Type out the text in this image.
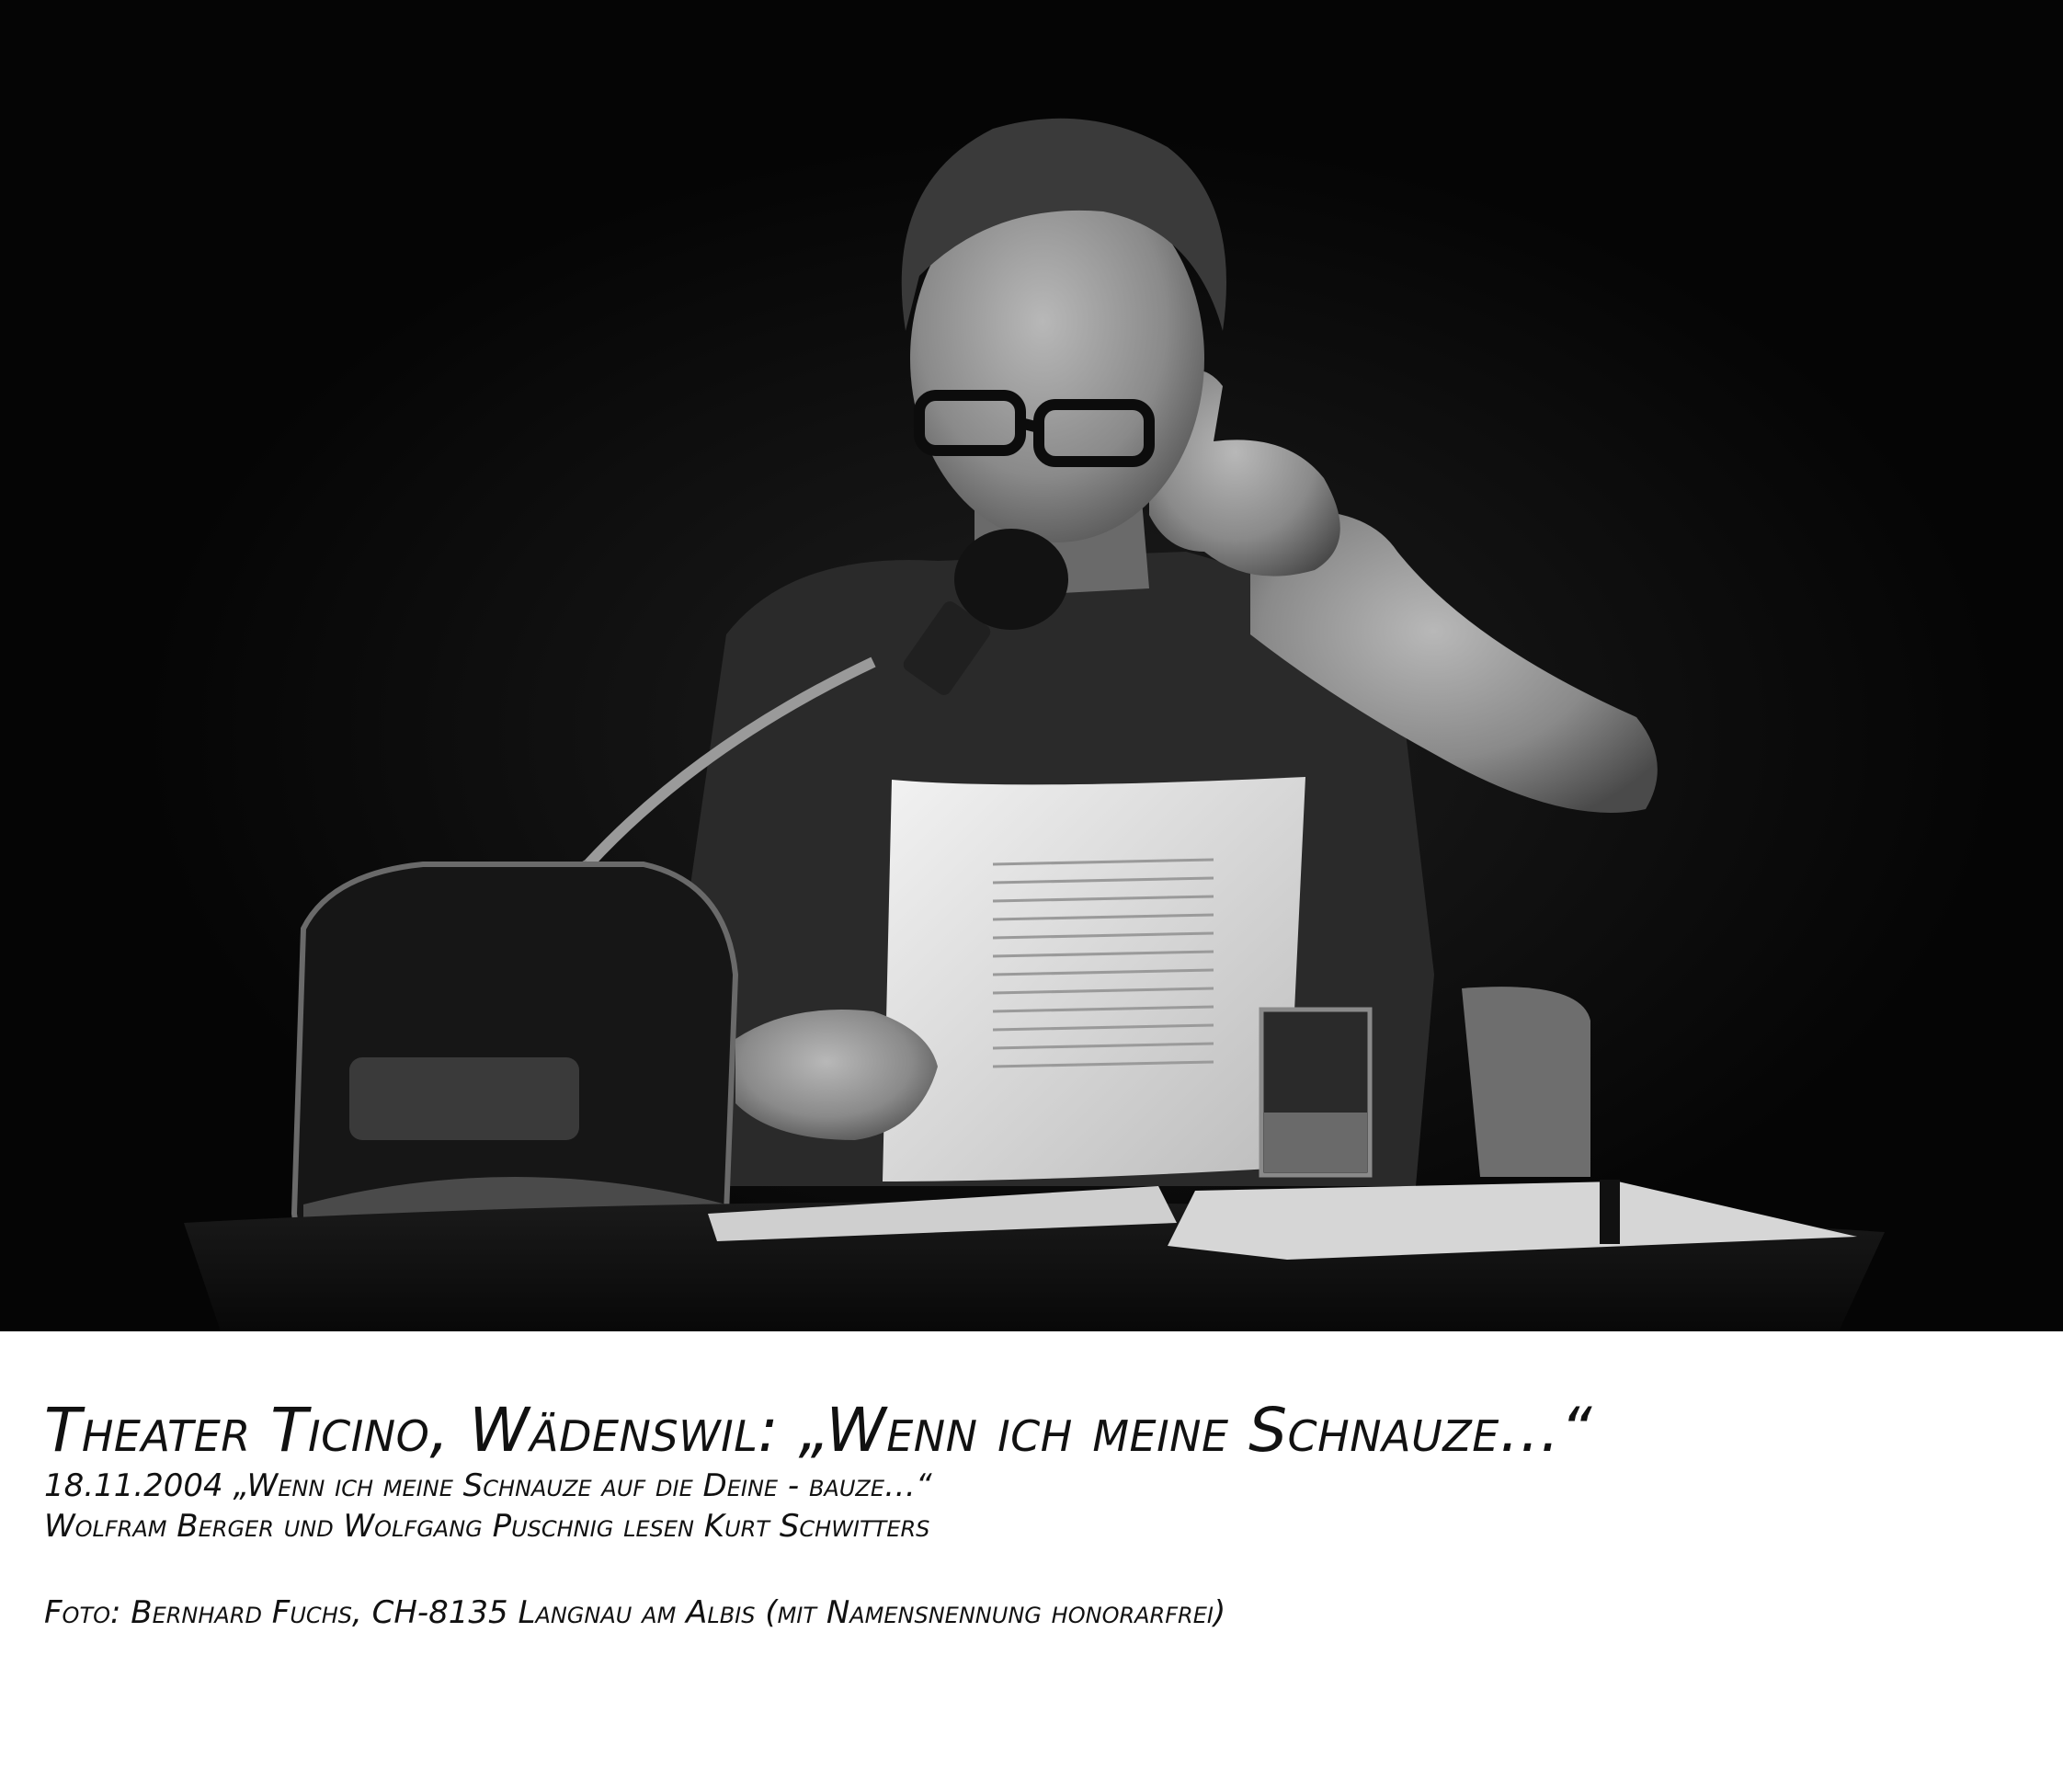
Theater Ticino, Wädenswil: „Wenn ich meine Schnauze…“
18.11.2004 „Wenn ich meine Schnauze auf die Deine - bauze…“
Wolfram Berger und Wolfgang Puschnig lesen Kurt Schwitters
Foto: Bernhard Fuchs, CH-8135 Langnau am Albis (mit Namensnennung honorarfrei)
